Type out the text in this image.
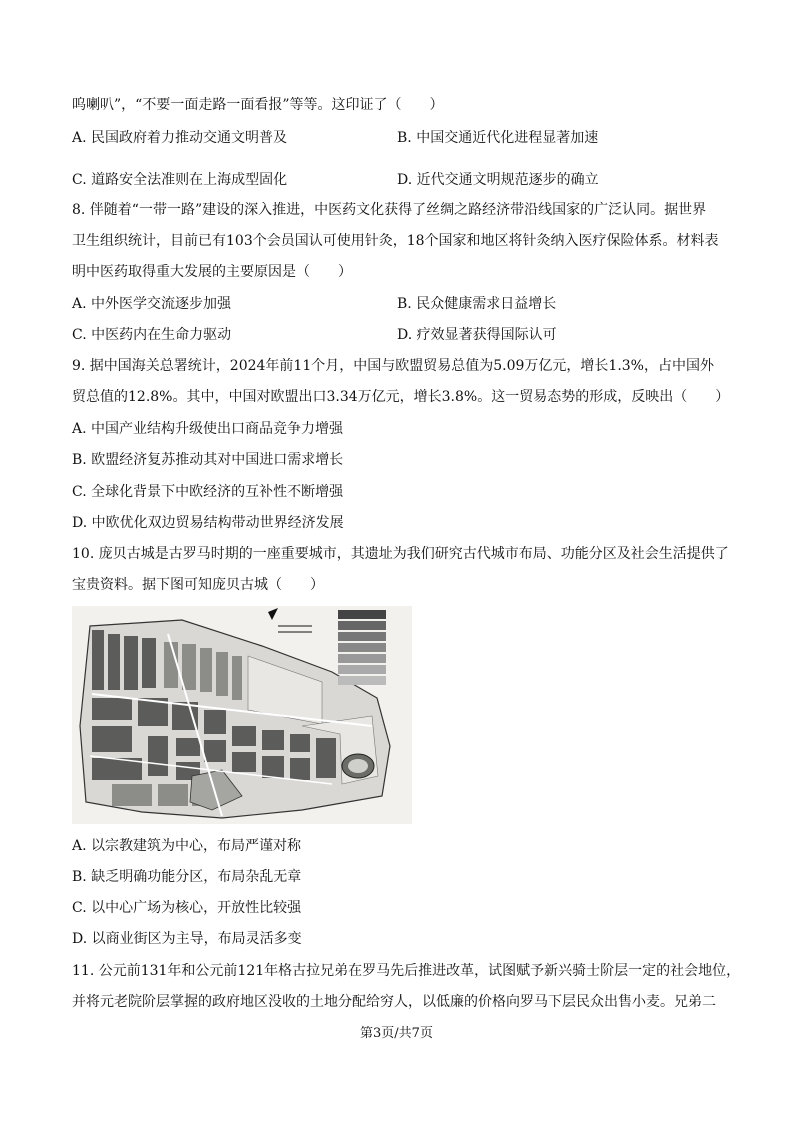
呜喇叭”，“不要一面走路一面看报”等等。这印证了（　　）
A. 民国政府着力推动交通文明普及	B. 中国交通近代化进程显著加速
C. 道路安全法准则在上海成型固化	D. 近代交通文明规范逐步的确立
8. 伴随着“一带一路”建设的深入推进，中医药文化获得了丝绸之路经济带沿线国家的广泛认同。据世界
卫生组织统计，目前已有103个会员国认可使用针灸，18个国家和地区将针灸纳入医疗保险体系。材料表
明中医药取得重大发展的主要原因是（　　）
A. 中外医学交流逐步加强	B. 民众健康需求日益增长
C. 中医药内在生命力驱动	D. 疗效显著获得国际认可
9. 据中国海关总署统计，2024年前11个月，中国与欧盟贸易总值为5.09万亿元，增长1.3%，占中国外
贸总值的12.8%。其中，中国对欧盟出口3.34万亿元，增长3.8%。这一贸易态势的形成，反映出（　　）
A. 中国产业结构升级使出口商品竞争力增强
B. 欧盟经济复苏推动其对中国进口需求增长
C. 全球化背景下中欧经济的互补性不断增强
D. 中欧优化双边贸易结构带动世界经济发展
10. 庞贝古城是古罗马时期的一座重要城市，其遗址为我们研究古代城市布局、功能分区及社会生活提供了
宝贵资料。据下图可知庞贝古城（　　）
A. 以宗教建筑为中心，布局严谨对称
B. 缺乏明确功能分区，布局杂乱无章
C. 以中心广场为核心，开放性比较强
D. 以商业街区为主导，布局灵活多变
11. 公元前131年和公元前121年格古拉兄弟在罗马先后推进改革，试图赋予新兴骑士阶层一定的社会地位，
并将元老院阶层掌握的政府地区没收的土地分配给穷人，以低廉的价格向罗马下层民众出售小麦。兄弟二
第3页/共7页
